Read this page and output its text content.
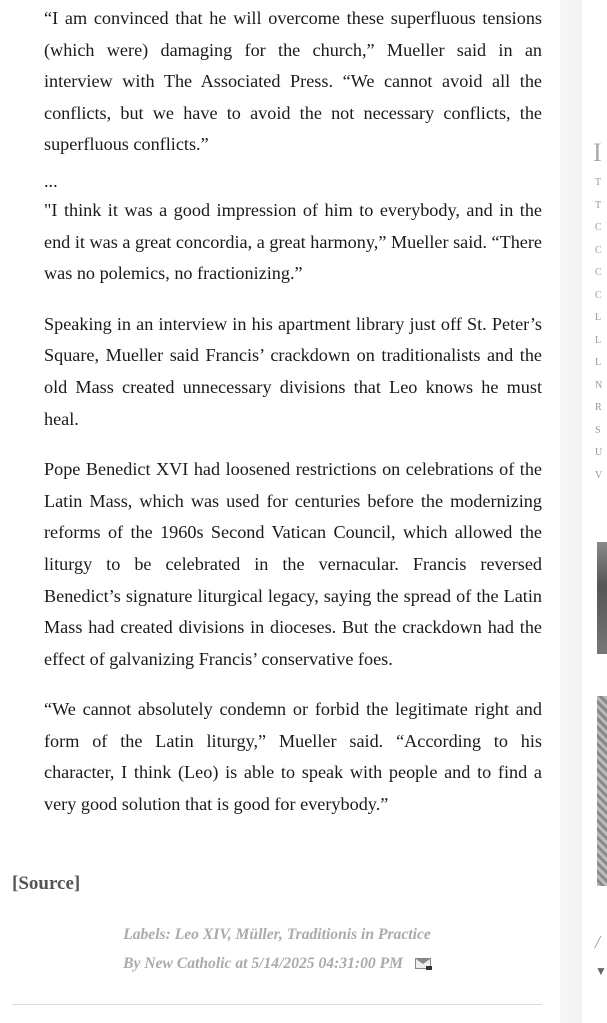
“I am convinced that he will overcome these superfluous tensions (which were) damaging for the church,” Mueller said in an interview with The Associated Press. “We cannot avoid all the conflicts, but we have to avoid the not necessary conflicts, the superfluous conflicts.”

...

"I think it was a good impression of him to everybody, and in the end it was a great concordia, a great harmony,” Mueller said. “There was no polemics, no fractionizing.”

Speaking in an interview in his apartment library just off St. Peter’s Square, Mueller said Francis’ crackdown on traditionalists and the old Mass created unnecessary divisions that Leo knows he must heal.

Pope Benedict XVI had loosened restrictions on celebrations of the Latin Mass, which was used for centuries before the modernizing reforms of the 1960s Second Vatican Council, which allowed the liturgy to be celebrated in the vernacular. Francis reversed Benedict’s signature liturgical legacy, saying the spread of the Latin Mass had created divisions in dioceses. But the crackdown had the effect of galvanizing Francis’ conservative foes.

“We cannot absolutely condemn or forbid the legitimate right and form of the Latin liturgy,” Mueller said. “According to his character, I think (Leo) is able to speak with people and to find a very good solution that is good for everybody.”

[Source]
Labels: Leo XIV, Müller, Traditionis in Practice
By New Catholic at 5/14/2025 04:31:00 PM
I
T
T
C
C
C
C
L
L
L
N
R
S
U
V
/
▼
